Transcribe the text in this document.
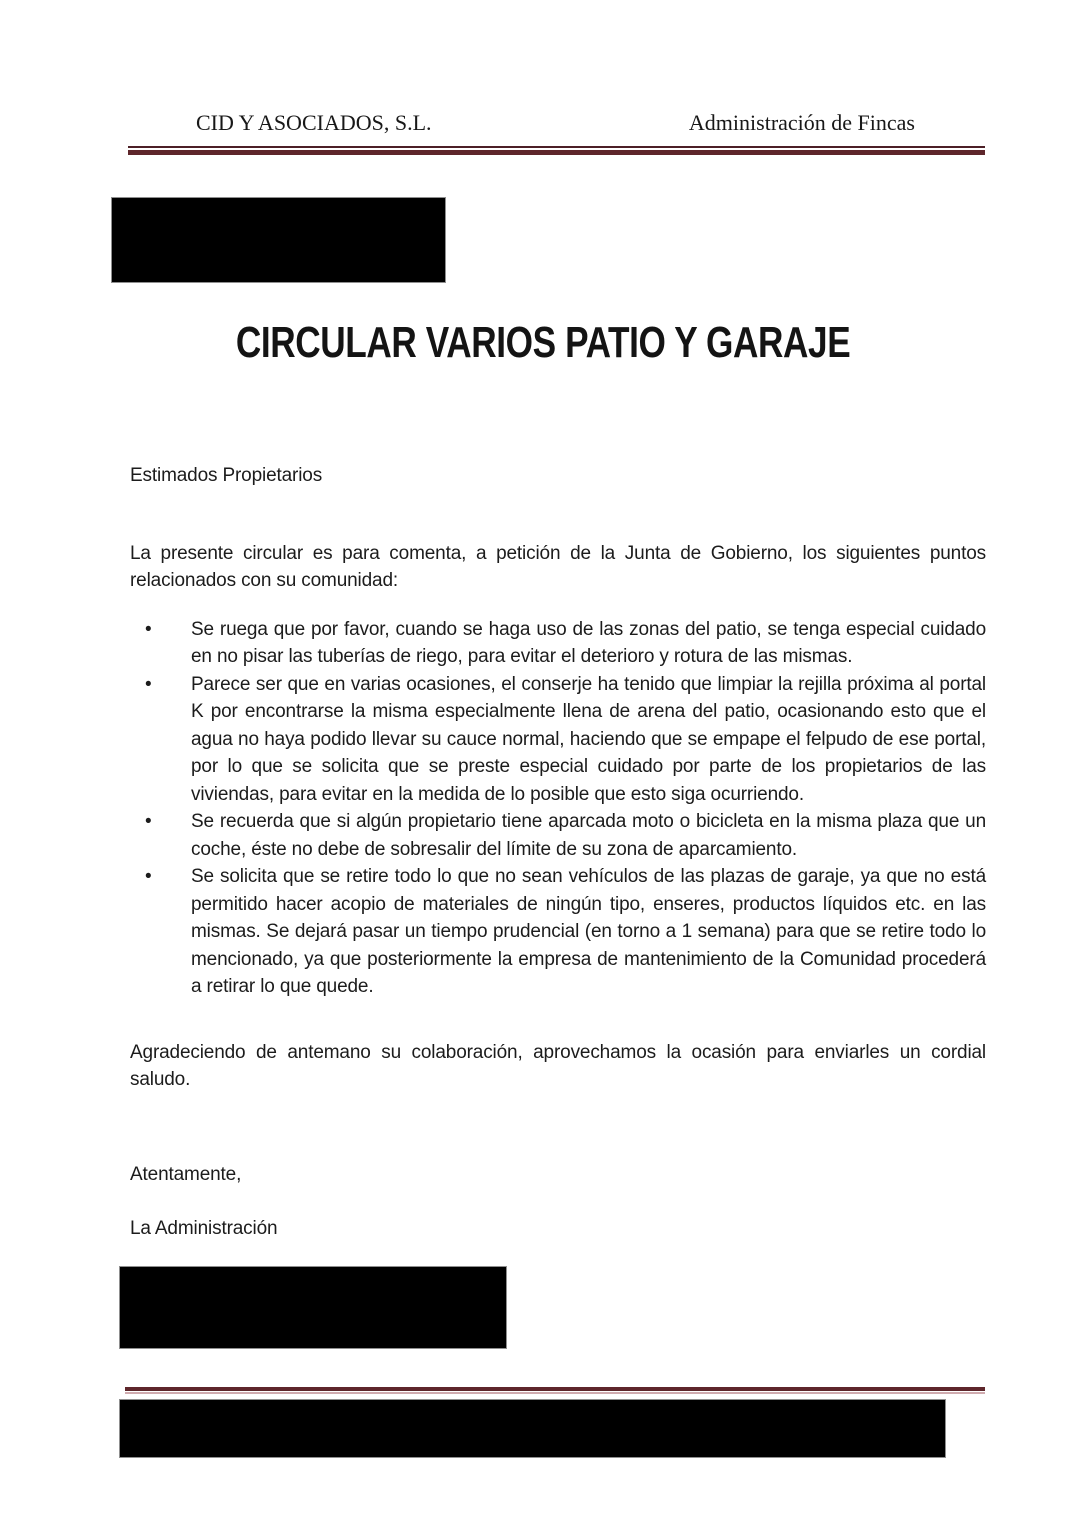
CID Y ASOCIADOS, S.L.	Administración de Fincas
CIRCULAR VARIOS PATIO Y GARAJE

Estimados Propietarios

La presente circular es para comenta, a petición de la Junta de Gobierno, los siguientes puntos relacionados con su comunidad:

• Se ruega que por favor, cuando se haga uso de las zonas del patio, se tenga especial cuidado en no pisar las tuberías de riego, para evitar el deterioro y rotura de las mismas.
• Parece ser que en varias ocasiones, el conserje ha tenido que limpiar la rejilla próxima al portal K por encontrarse la misma especialmente llena de arena del patio, ocasionando esto que el agua no haya podido llevar su cauce normal, haciendo que se empape el felpudo de ese portal, por lo que se solicita que se preste especial cuidado por parte de los propietarios de las viviendas, para evitar en la medida de lo posible que esto siga ocurriendo.
• Se recuerda que si algún propietario tiene aparcada moto o bicicleta en la misma plaza que un coche, éste no debe de sobresalir del límite de su zona de aparcamiento.
• Se solicita que se retire todo lo que no sean vehículos de las plazas de garaje, ya que no está permitido hacer acopio de materiales de ningún tipo, enseres, productos líquidos etc. en las mismas. Se dejará pasar un tiempo prudencial (en torno a 1 semana) para que se retire todo lo mencionado, ya que posteriormente la empresa de mantenimiento de la Comunidad procederá a retirar lo que quede.

Agradeciendo de antemano su colaboración, aprovechamos la ocasión para enviarles un cordial saludo.

Atentamente,

La Administración
